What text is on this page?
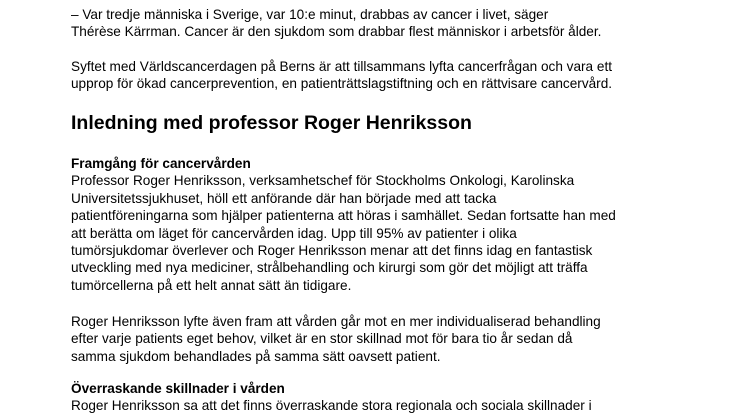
– Var tredje människa i Sverige, var 10:e minut, drabbas av cancer i livet, säger
Thérèse Kärrman. Cancer är den sjukdom som drabbar flest människor i arbetsför ålder.

Syftet med Världscancerdagen på Berns är att tillsammans lyfta cancerfrågan och vara ett
upprop för ökad cancerprevention, en patienträttslagstiftning och en rättvisare cancervård.

Inledning med professor Roger Henriksson
Framgång för cancervården

Professor Roger Henriksson, verksamhetschef för Stockholms Onkologi, Karolinska
Universitetssjukhuset, höll ett anförande där han började med att tacka
patientföreningarna som hjälper patienterna att höras i samhället. Sedan fortsatte han med
att berätta om läget för cancervården idag. Upp till 95% av patienter i olika
tumörsjukdomar överlever och Roger Henriksson menar att det finns idag en fantastisk
utveckling med nya mediciner, strålbehandling och kirurgi som gör det möjligt att träffa
tumörcellerna på ett helt annat sätt än tidigare.

Roger Henriksson lyfte även fram att vården går mot en mer individualiserad behandling
efter varje patients eget behov, vilket är en stor skillnad mot för bara tio år sedan då
samma sjukdom behandlades på samma sätt oavsett patient.

Överraskande skillnader i vården

Roger Henriksson sa att det finns överraskande stora regionala och sociala skillnader i
